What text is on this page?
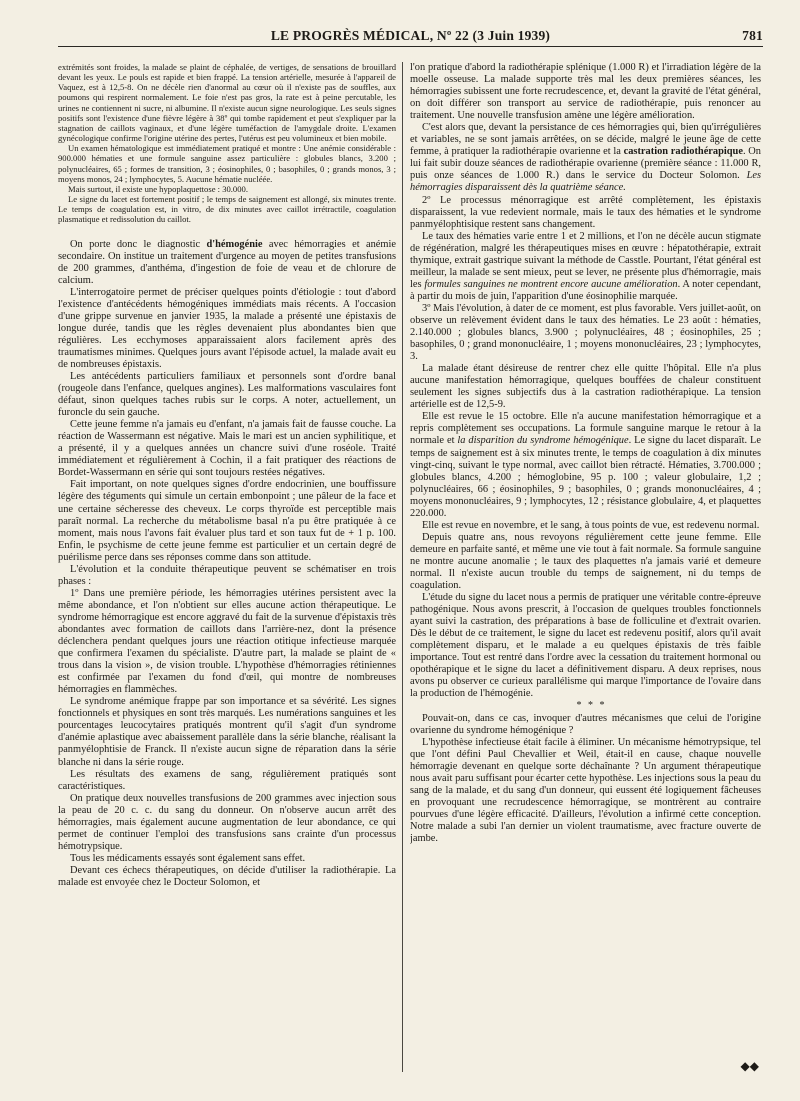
LE PROGRÈS MÉDICAL, Nº 22 (3 Juin 1939)	781

extrémités sont froides, la malade se plaint de céphalée, de vertiges, de sensations de brouillard devant les yeux. Le pouls est rapide et bien frappé. La tension artérielle, mesurée à l'appareil de Vaquez, est à 12,5-8. On ne décèle rien d'anormal au cœur où il n'existe pas de souffles, aux poumons qui respirent normalement. Le foie n'est pas gros, la rate est à peine percutable, les urines ne contiennent ni sucre, ni albumine. Il n'existe aucun signe neurologique. Les seuls signes positifs sont l'existence d'une fièvre légère à 38º qui tombe rapidement et peut s'expliquer par la stagnation de caillots vaginaux, et d'une légère tuméfaction de l'amygdale droite. L'examen gynécologique confirme l'origine utérine des pertes, l'utérus est peu volumineux et bien mobile.

Un examen hématologique est immédiatement pratiqué et montre : Une anémie considérable : 900.000 hématies et une formule sanguine assez particulière : globules blancs, 3.200 ; polynucléaires, 65 ; formes de transition, 3 ; éosinophiles, 0 ; basophiles, 0 ; grands monos, 3 ; moyens monos, 24 ; lymphocytes, 5. Aucune hématie nucléée.

Mais surtout, il existe une hypoplaquettose : 30.000.

Le signe du lacet est fortement positif ; le temps de saignement est allongé, six minutes trente. Le temps de coagulation est, in vitro, de dix minutes avec caillot irrétractile, coagulation plasmatique et redissolution du caillot.

On porte donc le diagnostic d'hémogénie avec hémorragies et anémie secondaire. On institue un traitement d'urgence au moyen de petites transfusions de 200 grammes, d'anthéma, d'ingestion de foie de veau et de chlorure de calcium.

L'interrogatoire permet de préciser quelques points d'étiologie : tout d'abord l'existence d'antécédents hémogéniques immédiats mais récents. A l'occasion d'une grippe survenue en janvier 1935, la malade a présenté une épistaxis de longue durée, tandis que les règles devenaient plus abondantes bien que régulières. Les ecchymoses apparaissaient alors facilement après des traumatismes minimes. Quelques jours avant l'épisode actuel, la malade avait eu de nombreuses épistaxis.

Les antécédents particuliers familiaux et personnels sont d'ordre banal (rougeole dans l'enfance, quelques angines). Les malformations vasculaires font défaut, sinon quelques taches rubis sur le corps. A noter, actuellement, un furoncle du sein gauche.

Cette jeune femme n'a jamais eu d'enfant, n'a jamais fait de fausse couche. La réaction de Wassermann est négative. Mais le mari est un ancien syphilitique, et a présenté, il y a quelques années un chancre suivi d'une roséole. Traité immédiatement et régulièrement à Cochin, il a fait pratiquer des réactions de Bordet-Wassermann en série qui sont toujours restées négatives.

Fait important, on note quelques signes d'ordre endocrinien, une bouffissure légère des téguments qui simule un certain embonpoint ; une pâleur de la face et une certaine sécheresse des cheveux. Le corps thyroïde est perceptible mais paraît normal. La recherche du métabolisme basal n'a pu être pratiquée à ce moment, mais nous l'avons fait évaluer plus tard et son taux fut de + 1 p. 100. Enfin, le psychisme de cette jeune femme est particulier et un certain degré de puérilisme perce dans ses réponses comme dans son attitude.

L'évolution et la conduite thérapeutique peuvent se schématiser en trois phases :

1º Dans une première période, les hémorragies utérines persistent avec la même abondance, et l'on n'obtient sur elles aucune action thérapeutique. Le syndrome hémorragique est encore aggravé du fait de la survenue d'épistaxis très abondantes avec formation de caillots dans l'arrière-nez, dont la présence déclenchera pendant quelques jours une réaction otitique infectieuse marquée que confirmera l'examen du spécialiste. D'autre part, la malade se plaint de « trous dans la vision », de vision trouble. L'hypothèse d'hémorragies rétiniennes est confirmée par l'examen du fond d'œil, qui montre de nombreuses hémorragies en flammèches.

Le syndrome anémique frappe par son importance et sa sévérité. Les signes fonctionnels et physiques en sont très marqués. Les numérations sanguines et les pourcentages leucocytaires pratiqués montrent qu'il s'agit d'un syndrome d'anémie aplastique avec abaissement parallèle dans la série blanche, réalisant la panmyélophtisie de Franck. Il n'existe aucun signe de réparation dans la série blanche ni dans la série rouge.

Les résultats des examens de sang, régulièrement pratiqués sont caractéristiques.

On pratique deux nouvelles transfusions de 200 grammes avec injection sous la peau de 20 c. c. du sang du donneur. On n'observe aucun arrêt des hémorragies, mais également aucune augmentation de leur abondance, ce qui permet de continuer l'emploi des transfusions sans crainte d'un processus hémotrypsique.

Tous les médicaments essayés sont également sans effet.

Devant ces échecs thérapeutiques, on décide d'utiliser la radiothérapie. La malade est envoyée chez le Docteur Solomon, et

l'on pratique d'abord la radiothérapie splénique (1.000 R) et l'irradiation légère de la moelle osseuse. La malade supporte très mal les deux premières séances, les hémorragies subissent une forte recrudescence, et, devant la gravité de l'état général, on doit différer son transport au service de radiothérapie, puis renoncer au traitement. Une nouvelle transfusion amène une légère amélioration.

C'est alors que, devant la persistance de ces hémorragies qui, bien qu'irrégulières et variables, ne se sont jamais arrêtées, on se décide, malgré le jeune âge de cette femme, à pratiquer la radiothérapie ovarienne et la castration radiothérapique. On lui fait subir douze séances de radiothérapie ovarienne (première séance : 11.000 R, puis onze séances de 1.000 R.) dans le service du Docteur Solomon. Les hémorragies disparaissent dès la quatrième séance.

2º Le processus ménorragique est arrêté complètement, les épistaxis disparaissent, la vue redevient normale, mais le taux des hématies et le syndrome panmyélophtisique restent sans changement.

Le taux des hématies varie entre 1 et 2 millions, et l'on ne décèle aucun stigmate de régénération, malgré les thérapeutiques mises en œuvre : hépatothérapie, extrait thymique, extrait gastrique suivant la méthode de Casstle. Pourtant, l'état général est meilleur, la malade se sent mieux, peut se lever, ne présente plus d'hémorragie, mais les formules sanguines ne montrent encore aucune amélioration. A noter cependant, à partir du mois de juin, l'apparition d'une éosinophilie marquée.

3º Mais l'évolution, à dater de ce moment, est plus favorable. Vers juillet-août, on observe un relèvement évident dans le taux des hématies. Le 23 août : hématies, 2.140.000 ; globules blancs, 3.900 ; polynucléaires, 48 ; éosinophiles, 25 ; basophiles, 0 ; grand mononucléaire, 1 ; moyens mononucléaires, 23 ; lymphocytes, 3.

La malade étant désireuse de rentrer chez elle quitte l'hôpital. Elle n'a plus aucune manifestation hémorragique, quelques bouffées de chaleur constituent seulement les signes subjectifs dus à la castration radiothérapique. La tension artérielle est de 12,5-9.

Elle est revue le 15 octobre. Elle n'a aucune manifestation hémorragique et a repris complètement ses occupations. La formule sanguine marque le retour à la normale et la disparition du syndrome hémogénique. Le signe du lacet disparaît. Le temps de saignement est à six minutes trente, le temps de coagulation à dix minutes vingt-cinq, suivant le type normal, avec caillot bien rétracté. Hématies, 3.700.000 ; globules blancs, 4.200 ; hémoglobine, 95 p. 100 ; valeur globulaire, 1,2 ; polynucléaires, 66 ; éosinophiles, 9 ; basophiles, 0 ; grands mononucléaires, 4 ; moyens mononucléaires, 9 ; lymphocytes, 12 ; résistance globulaire, 4, et plaquettes 220.000.

Elle est revue en novembre, et le sang, à tous points de vue, est redevenu normal.

Depuis quatre ans, nous revoyons régulièrement cette jeune femme. Elle demeure en parfaite santé, et même une vie tout à fait normale. Sa formule sanguine ne montre aucune anomalie ; le taux des plaquettes n'a jamais varié et demeure normal. Il n'existe aucun trouble du temps de saignement, ni du temps de coagulation.

L'étude du signe du lacet nous a permis de pratiquer une véritable contre-épreuve pathogénique. Nous avons prescrit, à l'occasion de quelques troubles fonctionnels ayant suivi la castration, des préparations à base de folliculine et d'extrait ovarien. Dès le début de ce traitement, le signe du lacet est redevenu positif, alors qu'il avait complètement disparu, et le malade a eu quelques épistaxis de très faible importance. Tout est rentré dans l'ordre avec la cessation du traitement hormonal ou opothérapique et le signe du lacet a définitivement disparu. A deux reprises, nous avons pu observer ce curieux parallélisme qui marque l'importance de l'ovaire dans la production de l'hémogénie.

* * *

Pouvait-on, dans ce cas, invoquer d'autres mécanismes que celui de l'origine ovarienne du syndrome hémogénique ?

L'hypothèse infectieuse était facile à éliminer. Un mécanisme hémotrypsique, tel que l'ont défini Paul Chevallier et Weil, était-il en cause, chaque nouvelle hémorragie devenant en quelque sorte déchaînante ? Un argument thérapeutique nous avait paru suffisant pour écarter cette hypothèse. Les injections sous la peau du sang de la malade, et du sang d'un donneur, qui eussent été logiquement fâcheuses en provoquant une recrudescence hémorragique, se montrèrent au contraire pourvues d'une légère efficacité. D'ailleurs, l'évolution a infirmé cette conception. Notre malade a subi l'an dernier un violent traumatisme, avec fracture ouverte de jambe.

◆◆
